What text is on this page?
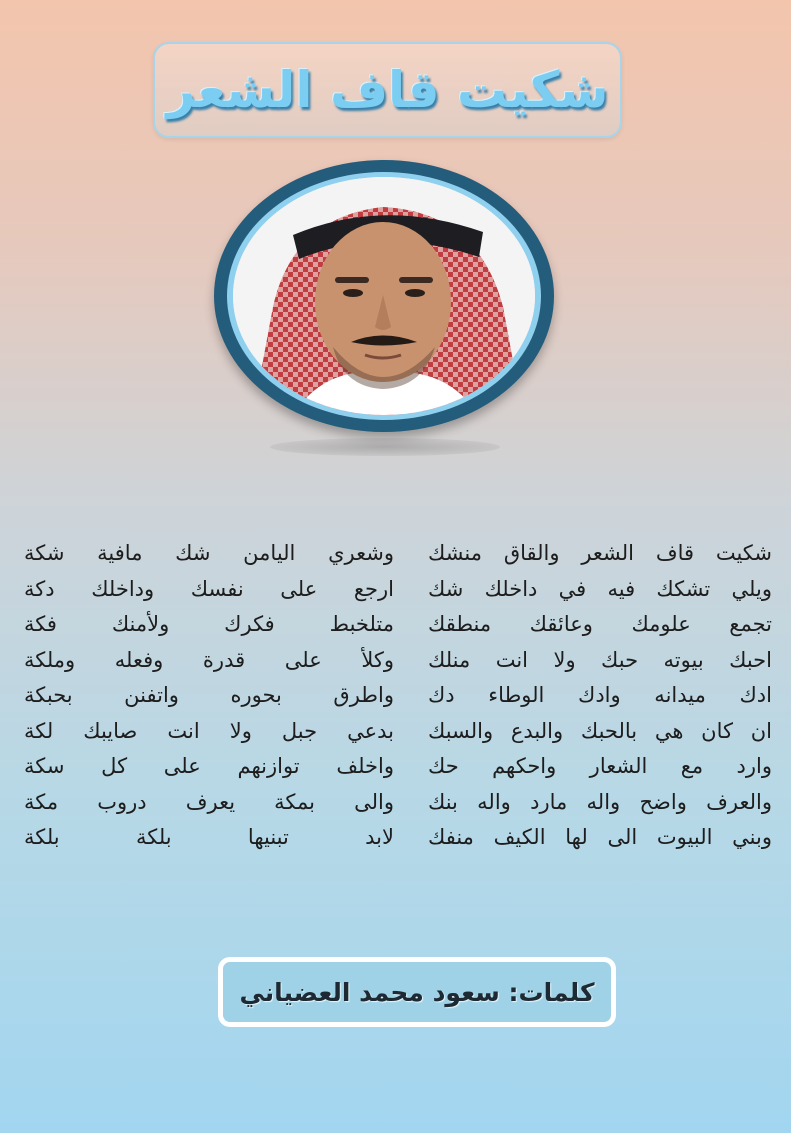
شكيت قاف الشعر
شكيت قاف الشعر والقاق منشك
ويلي تشكك فيه في داخلك شك
تجمع علومك وعائقك منطقك
احبك بيوته حبك ولا انت منلك
ادك ميدانه وادك الوطاء دك
ان كان هي بالحبك والبدع والسبك
وارد مع الشعار واحكهم حك
والعرف واضح واله مارد واله بنك
وبني البيوت الى لها الكيف منفك
وشعري اليامن شك مافية شكة
ارجع على نفسك وداخلك دكة
متلخبط فكرك ولأمنك فكة
وكلأ على قدرة وفعله وملكة
واطرق بحوره واتفنن بحبكة
بدعي جبل ولا انت صايبك لكة
واخلف توازنهم على كل سكة
والى بمكة يعرف دروب مكة
لابد تبنيها بلكة بلكة
كلمات: سعود محمد العضياني
